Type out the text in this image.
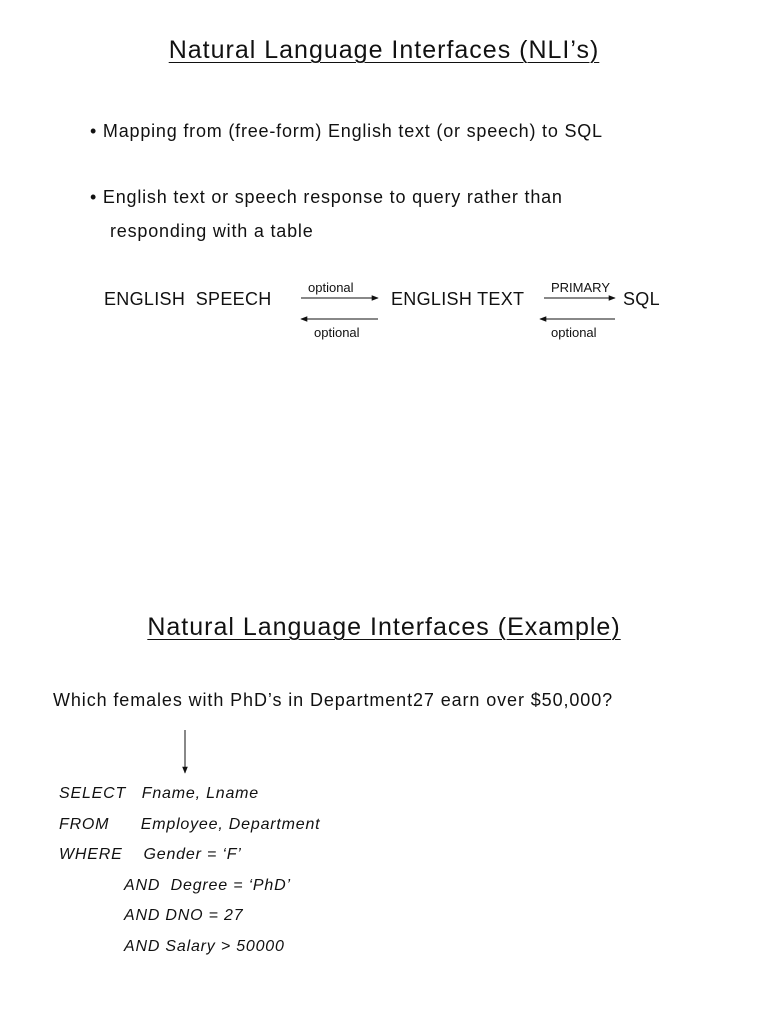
Natural Language Interfaces (NLI’s)
• Mapping from (free-form) English text (or speech) to SQL
• English text or speech response to query rather than
responding with a table
ENGLISH  SPEECH	ENGLISH TEXT	SQL
optional
optional
PRIMARY
optional
Natural Language Interfaces (Example)
Which females with PhD’s in Department27 earn over $50,000?
SELECT   Fname, Lname
FROM      Employee, Department
WHERE    Gender = ‘F’
AND  Degree = ‘PhD’
AND DNO = 27
AND Salary > 50000
